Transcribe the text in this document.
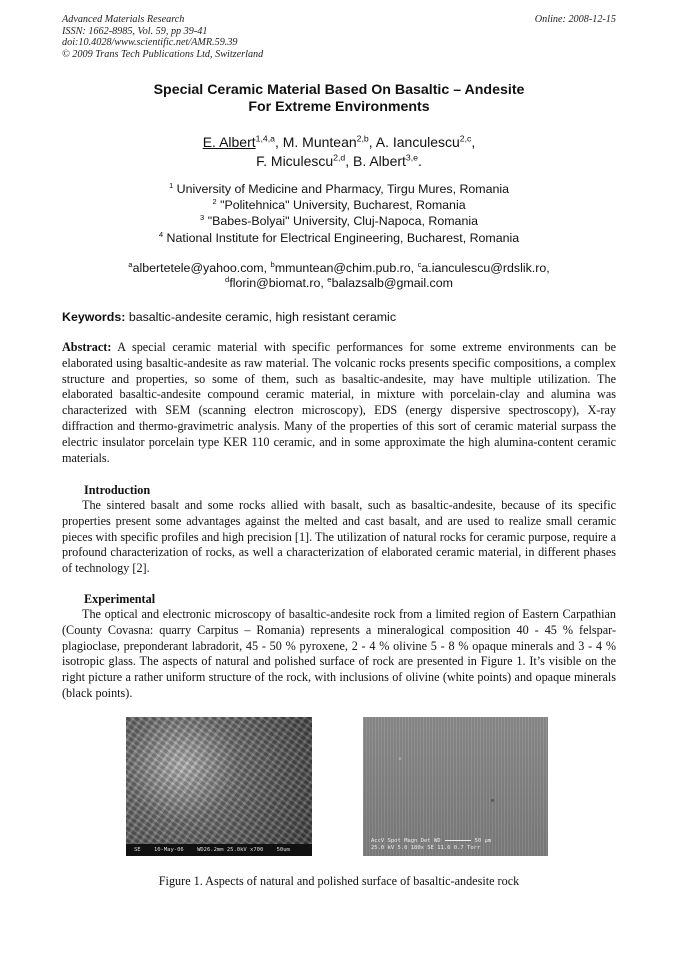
Advanced Materials Research
ISSN: 1662-8985, Vol. 59, pp 39-41
doi:10.4028/www.scientific.net/AMR.59.39
© 2009 Trans Tech Publications Ltd, Switzerland
Online: 2008-12-15
Special Ceramic Material Based On Basaltic – Andesite
For Extreme Environments
E. Albert$^{1,4,a}$, M. Muntean$^{2,b}$, A. Ianculescu$^{2,c}$,
F. Miculescu$^{2,d}$, B. Albert$^{3,e}$.
$^1$ University of Medicine and Pharmacy, Tirgu Mures, Romania
$^2$ "Politehnica" University, Bucharest, Romania
$^3$ "Babes-Bolyai" University, Cluj-Napoca, Romania
$^4$ National Institute for Electrical Engineering, Bucharest, Romania
$^a$albertetele@yahoo.com, $^b$mmuntean@chim.pub.ro, $^c$a.ianculescu@rdslik.ro,
$^d$florin@biomat.ro, $^e$balazsalb@gmail.com
Keywords: basaltic-andesite ceramic, high resistant ceramic
Abstract: A special ceramic material with specific performances for some extreme environments can be elaborated using basaltic-andesite as raw material. The volcanic rocks presents specific compositions, a complex structure and properties, so some of them, such as basaltic-andesite, may have multiple utilization. The elaborated basaltic-andesite compound ceramic material, in mixture with porcelain-clay and alumina was characterized with SEM (scanning electron microscopy), EDS (energy dispersive spectroscopy), X-ray diffraction and thermo-gravimetric analysis. Many of the properties of this sort of ceramic material surpass the electric insulator porcelain type KER 110 ceramic, and in some approximate the high alumina-content ceramic materials.
Introduction
The sintered basalt and some rocks allied with basalt, such as basaltic-andesite, because of its specific properties present some advantages against the melted and cast basalt, and are used to realize small ceramic pieces with specific profiles and high precision [1]. The utilization of natural rocks for ceramic purpose, require a profound characterization of rocks, as well a characterization of elaborated ceramic material, in different phases of technology [2].
Experimental
The optical and electronic microscopy of basaltic-andesite rock from a limited region of Eastern Carpathian (County Covasna: quarry Carpitus – Romania) represents a mineralogical composition 40 - 45 % felspar-plagioclase, preponderant labradorit, 45 - 50 % pyroxene, 2 - 4 % olivine 5 - 8 % opaque minerals and 3 - 4 % isotropic glass. The aspects of natural and polished surface of rock are presented in Figure 1. It’s visible on the right picture a rather uniform structure of the rock, with inclusions of olivine (white points) and opaque minerals (black points).
SE 10-May-06 WD26.2mm 25.0kV x700 50um
AccV Spot Magn Det WD	50 µm
25.0 kV 5.0 180x SE 11.6 0.7 Torr
Figure 1. Aspects of natural and polished surface of basaltic-andesite rock
